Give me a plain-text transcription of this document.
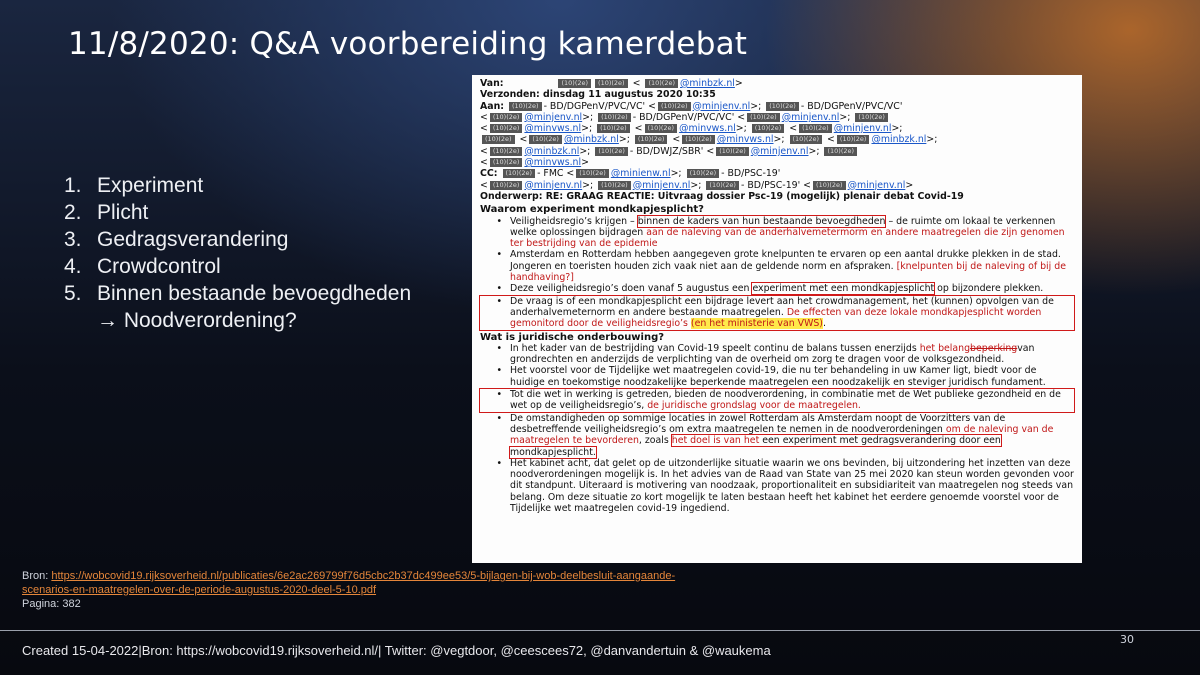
11/8/2020: Q&A voorbereiding kamerdebat
1. Experiment
2. Plicht
3. Gedragsverandering
4. Crowdcontrol
5. Binnen bestaande bevoegdheden
→ Noodverordening?
Van:	(10)(2e) (10)(2e) < (10)(2e) @minbzk.nl>
Verzonden: dinsdag 11 augustus 2020 10:35
Aan: (10)(2e) - BD/DGPenV/PVC/VC' < (10)(2e) @minjenv.nl>; (10)(2e) - BD/DGPenV/PVC/VC'
< (10)(2e) @minjenv.nl>; (10)(2e) - BD/DGPenV/PVC/VC' < (10)(2e) @minjenv.nl>; (10)(2e)
< (10)(2e) @minvws.nl>; (10)(2e) < (10)(2e) @minvws.nl>; (10)(2e) < (10)(2e) @minjenv.nl>;
(10)(2e) < (10)(2e) @minbzk.nl>; (10)(2e) < (10)(2e) @minvws.nl>; (10)(2e) < (10)(2e) @minbzk.nl>;
< (10)(2e) @minbzk.nl>; (10)(2e) - BD/DWJZ/SBR' < (10)(2e) @minjenv.nl>; (10)(2e)
< (10)(2e) @minvws.nl>
CC: (10)(2e) - FMC < (10)(2e) @minienw.nl>; (10)(2e) - BD/PSC-19'
< (10)(2e) @minjenv.nl>; (10)(2e) @minjenv.nl>; (10)(2e) - BD/PSC-19' < (10)(2e) @minjenv.nl>
Onderwerp: RE: GRAAG REACTIE: Uitvraag dossier Psc-19 (mogelijk) plenair debat Covid-19
Waarom experiment mondkapjesplicht?
• Veiligheidsregio’s krijgen – binnen de kaders van hun bestaande bevoegdheden – de ruimte om lokaal te verkennen welke oplossingen bijdragen aan de naleving van de anderhalvemetermorm en andere maatregelen die zijn genomen ter bestrijding van de epidemie
• Amsterdam en Rotterdam hebben aangegeven grote knelpunten te ervaren op een aantal drukke plekken in de stad. Jongeren en toeristen houden zich vaak niet aan de geldende norm en afspraken. [knelpunten bij de naleving of bij de handhaving?]
• Deze veiligheidsregio’s doen vanaf 5 augustus een experiment met een mondkapjesplicht op bijzondere plekken.
• De vraag is of een mondkapjesplicht een bijdrage levert aan het crowdmanagement, het (kunnen) opvolgen van de anderhalvemeternorm en andere bestaande maatregelen. De effecten van deze lokale mondkapjesplicht worden gemonitord door de veiligheidsregio’s (en het ministerie van VWS).
Wat is juridische onderbouwing?
• In het kader van de bestrijding van Covid-19 speelt continu de balans tussen enerzijds het belangbeperkingvan grondrechten en anderzijds de verplichting van de overheid om zorg te dragen voor de volksgezondheid.
• Het voorstel voor de Tijdelijke wet maatregelen covid-19, die nu ter behandeling in uw Kamer ligt, biedt voor de huidige en toekomstige noodzakelijke beperkende maatregelen een noodzakelijk en steviger juridisch fundament.
• Tot die wet in werking is getreden, bieden de noodverordening, in combinatie met de Wet publieke gezondheid en de wet op de veiligheidsregio’s, de juridische grondslag voor de maatregelen.
• De omstandigheden op sommige locaties in zowel Rotterdam als Amsterdam noopt de Voorzitters van de desbetreffende veiligheidsregio’s om extra maatregelen te nemen in de noodverordeningen om de naleving van de maatregelen te bevorderen, zoals het doel is van het een experiment met gedragsverandering door een mondkapjesplicht.
• Het kabinet acht, dat gelet op de uitzonderlijke situatie waarin we ons bevinden, bij uitzondering het inzetten van deze noodverordeningen mogelijk is. In het advies van de Raad van State van 25 mei 2020 kan steun worden gevonden voor dit standpunt. Uiteraard is motivering van noodzaak, proportionaliteit en subsidiariteit van maatregelen nog steeds van belang. Om deze situatie zo kort mogelijk te laten bestaan heeft het kabinet het eerdere genoemde voorstel voor de Tijdelijke wet maatregelen covid-19 ingediend.
Bron: https://wobcovid19.rijksoverheid.nl/publicaties/6e2ac269799f76d5cbc2b37dc499ee53/5-bijlagen-bij-wob-deelbesluit-aangaande-
scenarios-en-maatregelen-over-de-periode-augustus-2020-deel-5-10.pdf
Pagina: 382
30
Created 15-04-2022|Bron: https://wobcovid19.rijksoverheid.nl/| Twitter: @vegtdoor, @ceescees72, @danvandertuin & @waukema
